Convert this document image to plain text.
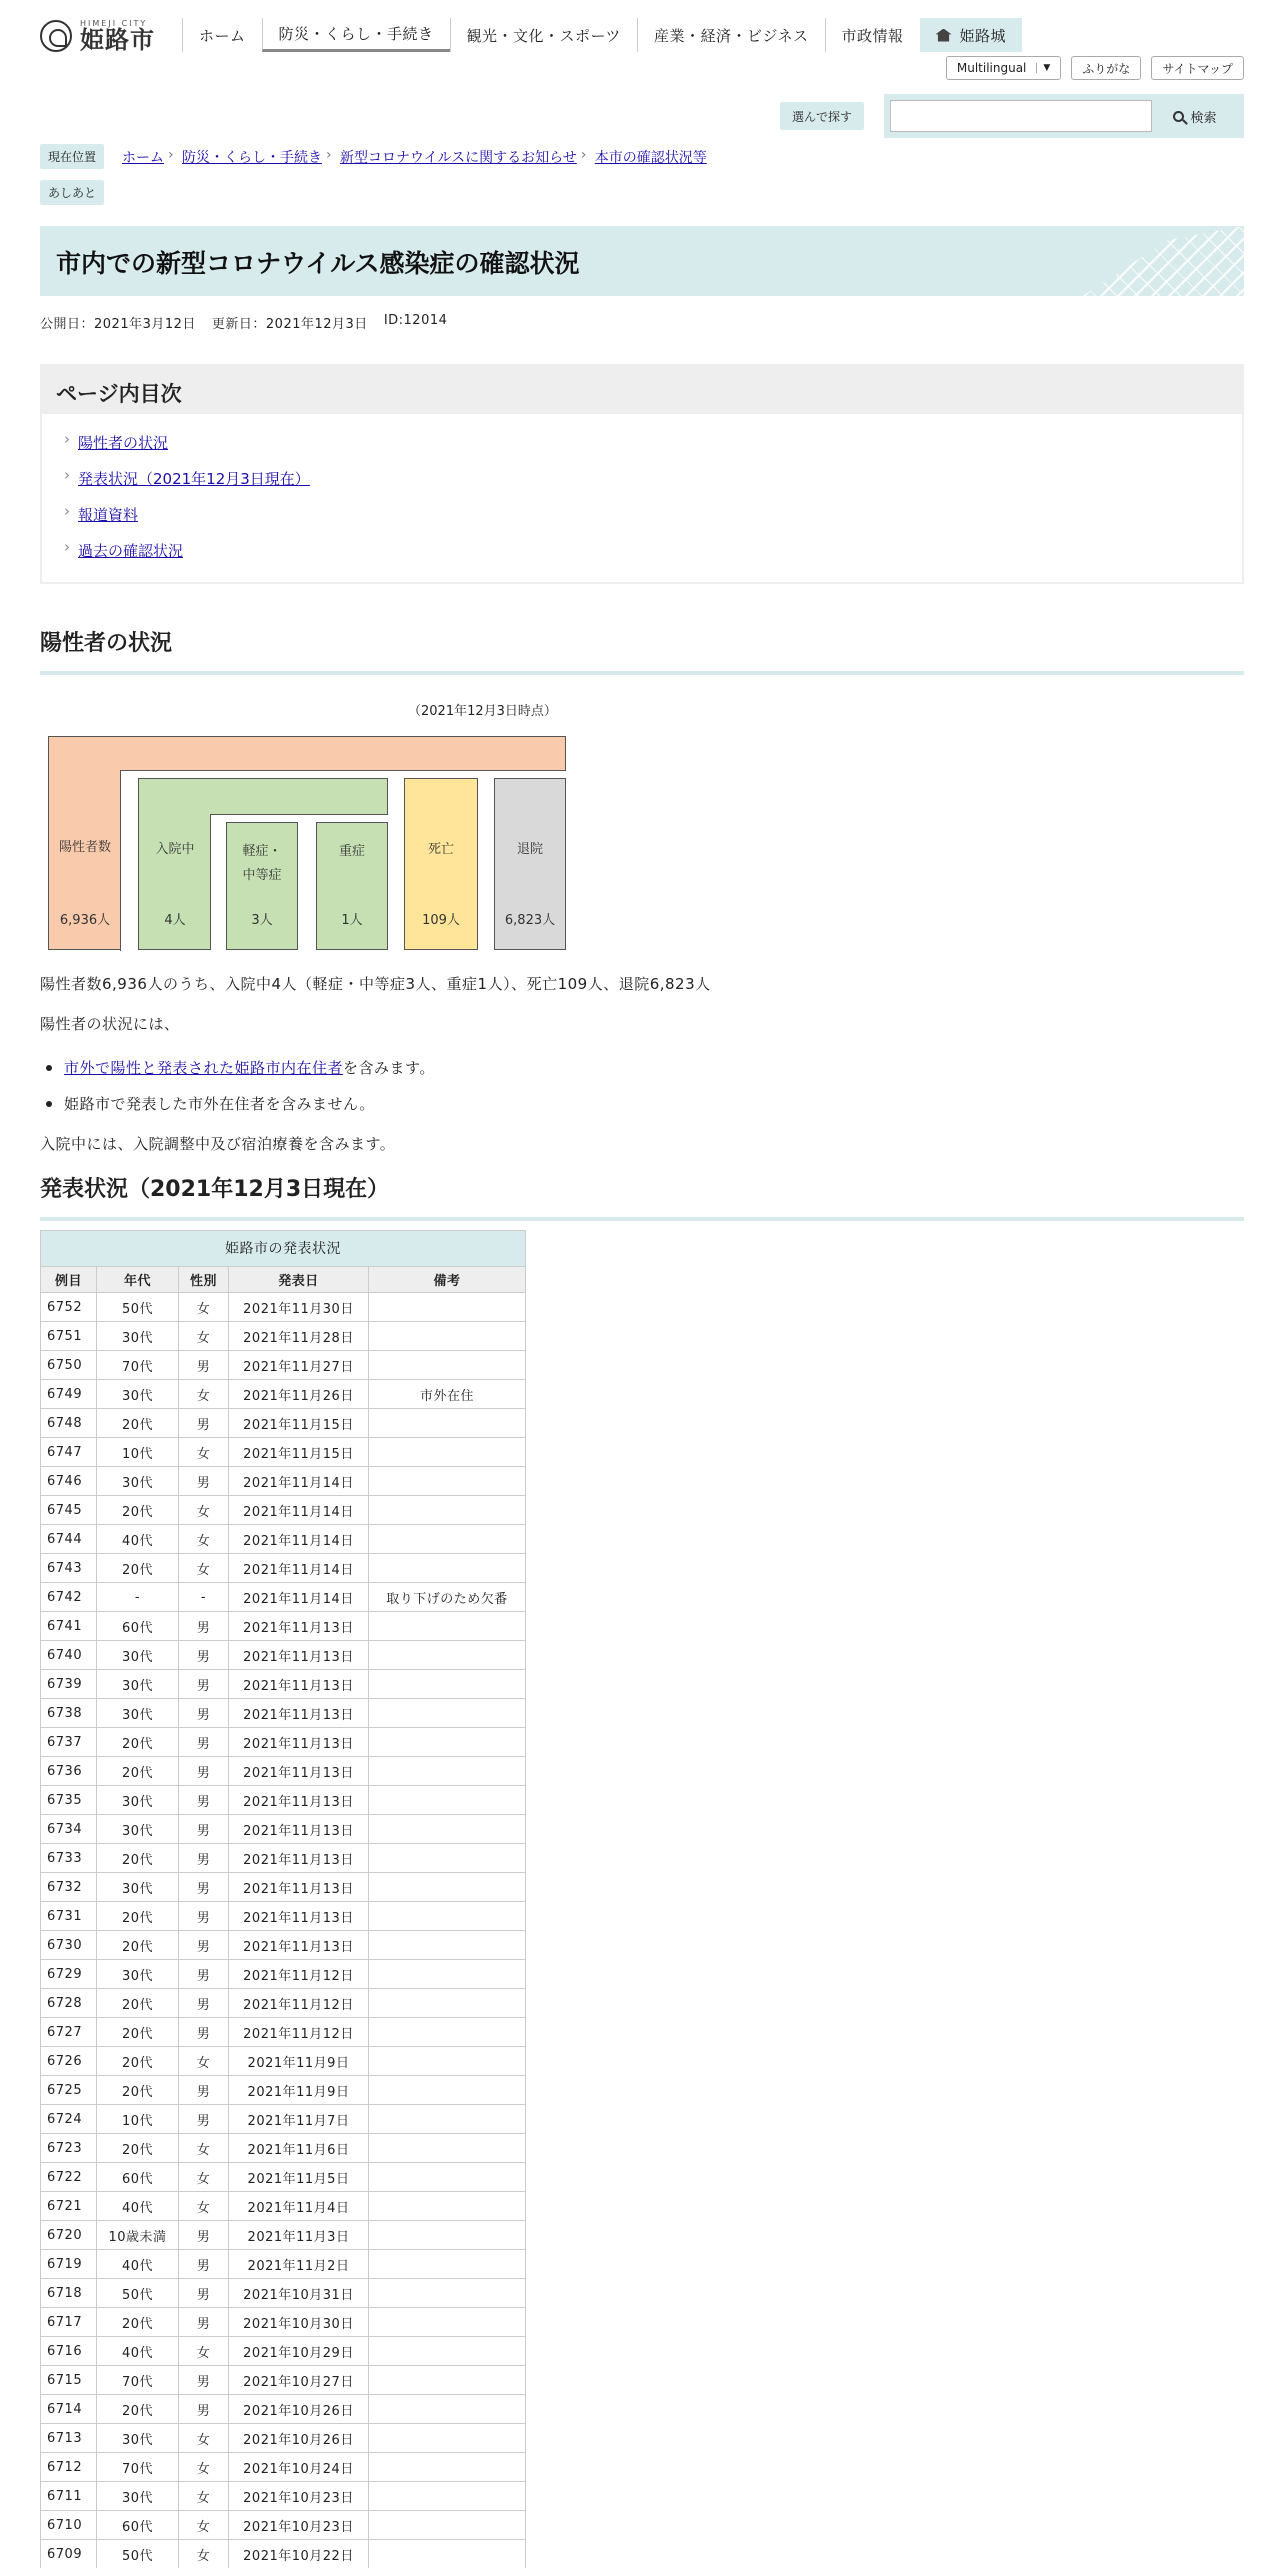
HIMEJI CITY
姫路市	ホーム	防災・くらし・手続き	観光・文化・スポーツ	産業・経済・ビジネス	市政情報	姫路城
Multilingual	▼	ふりがな	サイトマップ
選んで探す	検索
現在位置	ホーム › 防災・くらし・手続き › 新型コロナウイルスに関するお知らせ › 本市の確認状況等
あしあと
市内での新型コロナウイルス感染症の確認状況
公開日：2021年3月12日 更新日：2021年12月3日 ID:12014
ページ内目次
› 陽性者の状況
› 発表状況（2021年12月3日現在）
› 報道資料
› 過去の確認状況
陽性者の状況
（2021年12月3日時点）
陽性者数
6,936人
入院中
4人
軽症・
中等症
3人
重症
1人
死亡
109人
退院
6,823人

陽性者数6,936人のうち、入院中4人（軽症・中等症3人、重症1人）、死亡109人、退院6,823人

陽性者の状況には、

市外で陽性と発表された姫路市内在住者を含みます。
姫路市で発表した市外在住者を含みません。

入院中には、入院調整中及び宿泊療養を含みます。

発表状況（2021年12月3日現在）
姫路市の発表状況
例目	年代	性別	発表日	備考
6752	50代	女	2021年11月30日	
6751	30代	女	2021年11月28日	
6750	70代	男	2021年11月27日	
6749	30代	女	2021年11月26日	市外在住
6748	20代	男	2021年11月15日	
6747	10代	女	2021年11月15日	
6746	30代	男	2021年11月14日	
6745	20代	女	2021年11月14日	
6744	40代	女	2021年11月14日	
6743	20代	女	2021年11月14日	
6742	-	-	2021年11月14日	取り下げのため欠番
6741	60代	男	2021年11月13日	
6740	30代	男	2021年11月13日	
6739	30代	男	2021年11月13日	
6738	30代	男	2021年11月13日	
6737	20代	男	2021年11月13日	
6736	20代	男	2021年11月13日	
6735	30代	男	2021年11月13日	
6734	30代	男	2021年11月13日	
6733	20代	男	2021年11月13日	
6732	30代	男	2021年11月13日	
6731	20代	男	2021年11月13日	
6730	20代	男	2021年11月13日	
6729	30代	男	2021年11月12日	
6728	20代	男	2021年11月12日	
6727	20代	男	2021年11月12日	
6726	20代	女	2021年11月9日	
6725	20代	男	2021年11月9日	
6724	10代	男	2021年11月7日	
6723	20代	女	2021年11月6日	
6722	60代	女	2021年11月5日	
6721	40代	女	2021年11月4日	
6720	10歳未満	男	2021年11月3日	
6719	40代	男	2021年11月2日	
6718	50代	男	2021年10月31日	
6717	20代	男	2021年10月30日	
6716	40代	女	2021年10月29日	
6715	70代	男	2021年10月27日	
6714	20代	男	2021年10月26日	
6713	30代	女	2021年10月26日	
6712	70代	女	2021年10月24日	
6711	30代	女	2021年10月23日	
6710	60代	女	2021年10月23日	
6709	50代	女	2021年10月22日	
